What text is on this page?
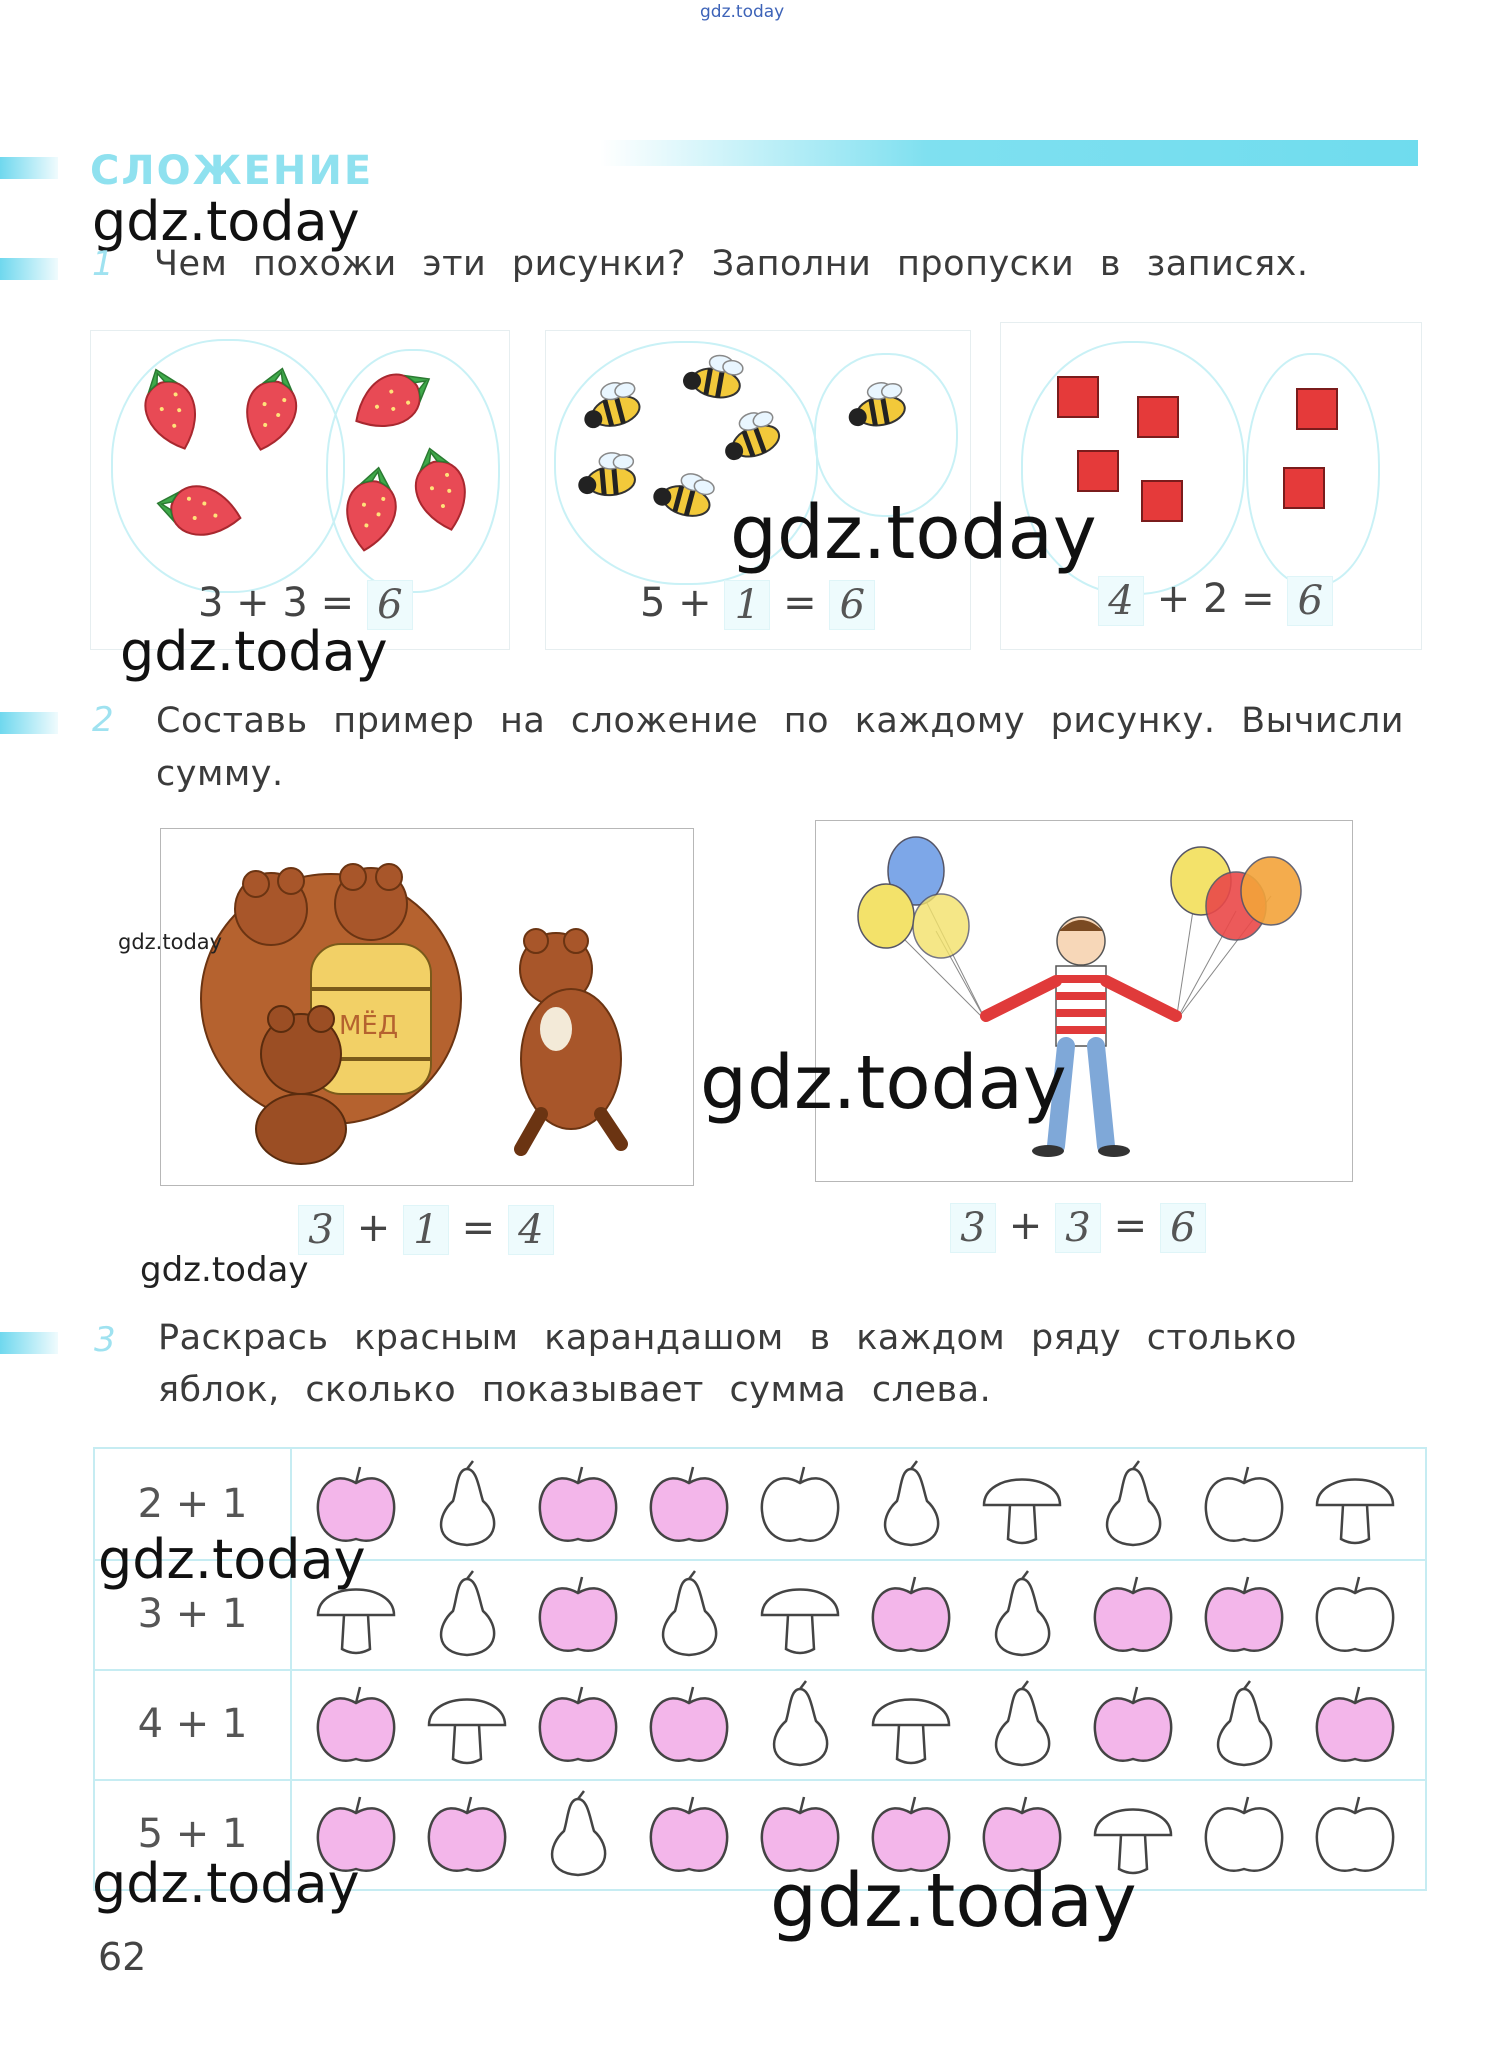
gdz.today
СЛОЖЕНИЕ
gdz.today
1 Чем похожи эти рисунки? Заполни пропуски в записях.
3 + 3 = 6	5 + 1 = 6	4 + 2 = 6
gdz.today
gdz.today
2 Составь пример на сложение по каждому рисунку. Вычисли
сумму.
МЁД
gdz.today
gdz.today
3 + 1 = 4	3 + 3 = 6
gdz.today
3 Раскрась красным карандашом в каждом ряду столько
яблок, сколько показывает сумма слева.
2 + 1
3 + 1
4 + 1
5 + 1
gdz.today
gdz.today	gdz.today
62
